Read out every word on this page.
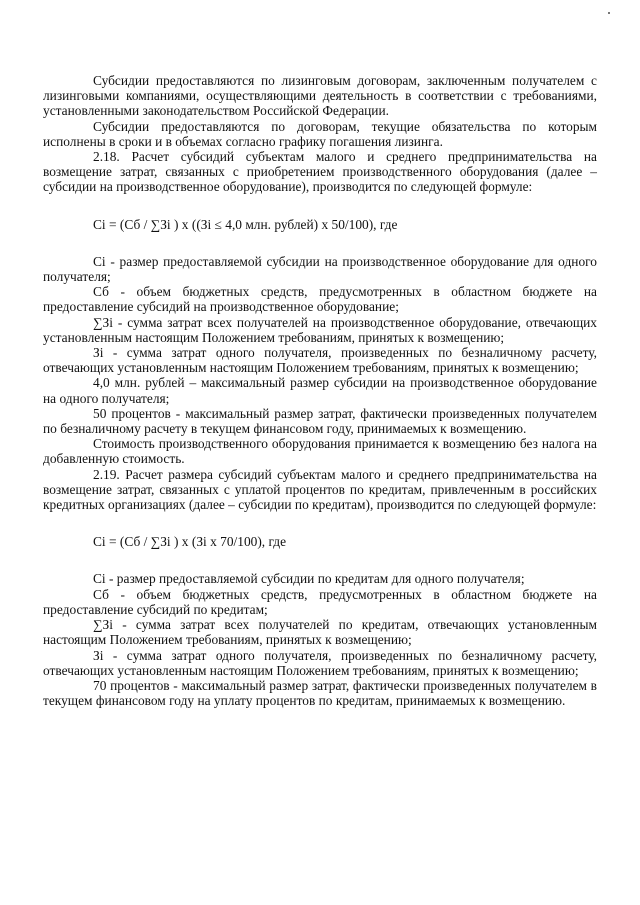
Субсидии предоставляются по лизинговым договорам, заключенным получателем с лизинговыми компаниями, осуществляющими деятельность в соответствии с требованиями, установленными законодательством Российской Федерации.

Субсидии предоставляются по договорам, текущие обязательства по которым исполнены в сроки и в объемах согласно графику погашения лизинга.

2.18. Расчет субсидий субъектам малого и среднего предпринимательства на возмещение затрат, связанных с приобретением производственного оборудования (далее – субсидии на производственное оборудование), производится по следующей формуле:

Ci = (Сб / ∑Зi ) х ((Зi ≤ 4,0 млн. рублей) х 50/100), где

Ci - размер предоставляемой субсидии на производственное оборудование для одного получателя;

Сб - объем бюджетных средств, предусмотренных в областном бюджете на предоставление субсидий на производственное оборудование;

∑Зi - сумма затрат всех получателей на производственное оборудование, отвечающих установленным настоящим Положением требованиям, принятых к возмещению;

Зi - сумма затрат одного получателя, произведенных по безналичному расчету, отвечающих установленным настоящим Положением требованиям, принятых к возмещению;

4,0 млн. рублей – максимальный размер субсидии на производственное оборудование на одного получателя;

50 процентов - максимальный размер затрат, фактически произведенных получателем по безналичному расчету в текущем финансовом году, принимаемых к возмещению.

Стоимость производственного оборудования принимается к возмещению без налога на добавленную стоимость.

2.19. Расчет размера субсидий субъектам малого и среднего предпринимательства на возмещение затрат, связанных с уплатой процентов по кредитам, привлеченным в российских кредитных организациях (далее – субсидии по кредитам), производится по следующей формуле:

Ci = (Сб / ∑Зi ) х (Зi х 70/100), где

Ci - размер предоставляемой субсидии по кредитам для одного получателя;

Сб - объем бюджетных средств, предусмотренных в областном бюджете на предоставление субсидий по кредитам;

∑Зi - сумма затрат всех получателей по кредитам, отвечающих установленным настоящим Положением требованиям, принятых к возмещению;

Зi - сумма затрат одного получателя, произведенных по безналичному расчету, отвечающих установленным настоящим Положением требованиям, принятых к возмещению;

70 процентов - максимальный размер затрат, фактически произведенных получателем в текущем финансовом году на уплату процентов по кредитам, принимаемых к возмещению.
